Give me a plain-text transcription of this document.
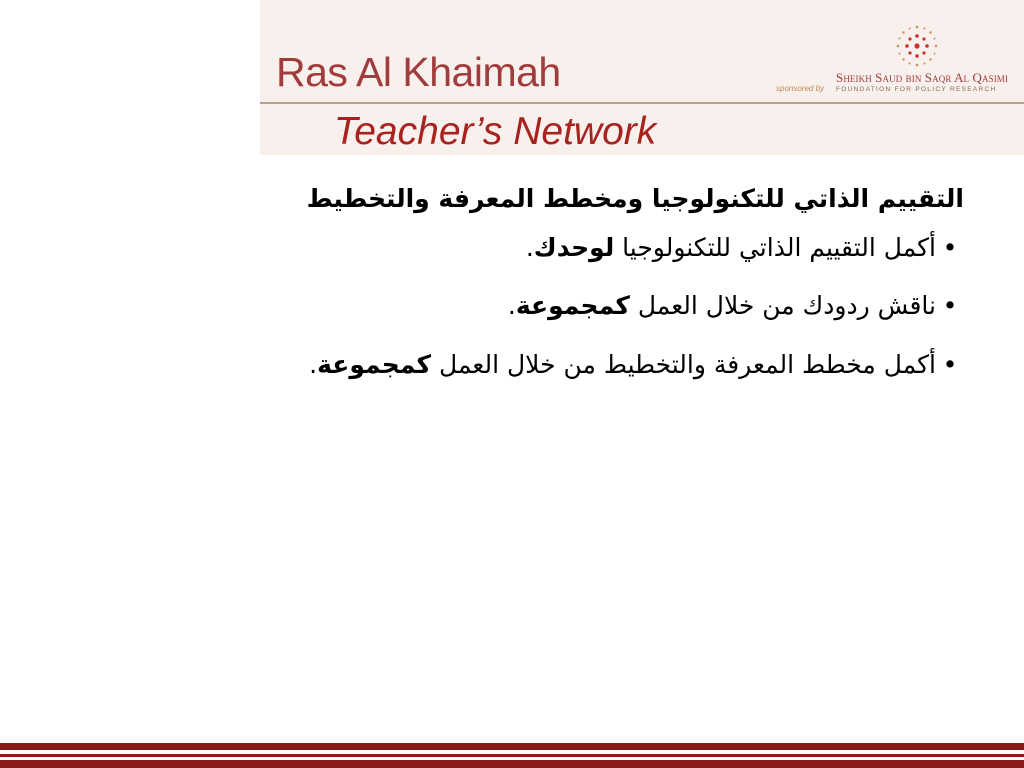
Ras Al Khaimah
Teacher’s Network
sponsored by
Sheikh Saud bin Saqr Al Qasimi
FOUNDATION FOR POLICY RESEARCH
التقييم الذاتي للتكنولوجيا ومخطط المعرفة والتخطيط
•أكمل التقييم الذاتي للتكنولوجيا لوحدك.
•ناقش ردودك من خلال العمل كمجموعة.
•أكمل مخطط المعرفة والتخطيط من خلال العمل كمجموعة.
